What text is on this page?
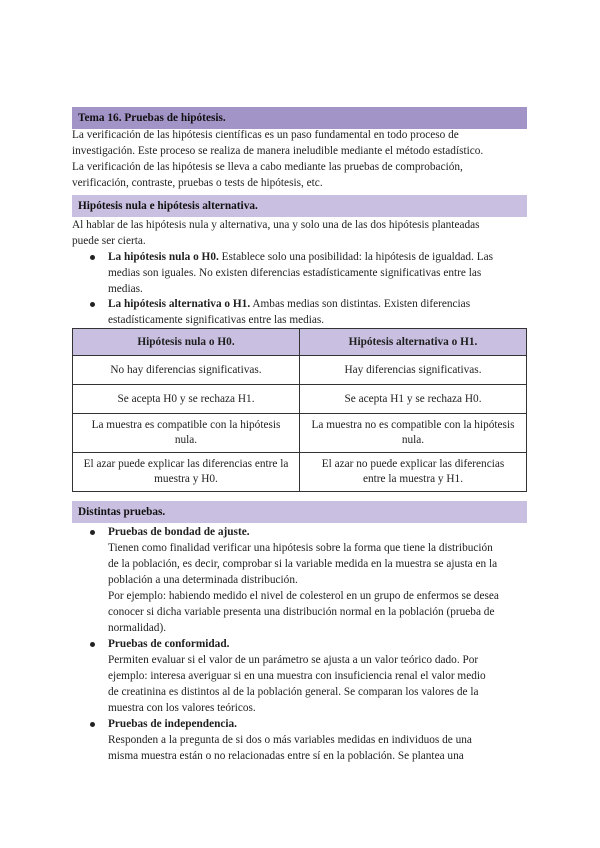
Tema 16. Pruebas de hipótesis.

La verificación de las hipótesis científicas es un paso fundamental en todo proceso de

investigación. Este proceso se realiza de manera ineludible mediante el método estadístico.

La verificación de las hipótesis se lleva a cabo mediante las pruebas de comprobación,

verificación, contraste, pruebas o tests de hipótesis, etc.

Hipótesis nula e hipótesis alternativa.

Al hablar de las hipótesis nula y alternativa, una y solo una de las dos hipótesis planteadas

puede ser cierta.

La hipótesis nula o H0. Establece solo una posibilidad: la hipótesis de igualdad. Las

medias son iguales. No existen diferencias estadísticamente significativas entre las

medias.

La hipótesis alternativa o H1. Ambas medias son distintas. Existen diferencias

estadísticamente significativas entre las medias.

Hipótesis nula o H0.	Hipótesis alternativa o H1.
No hay diferencias significativas.	Hay diferencias significativas.
Se acepta H0 y se rechaza H1.	Se acepta H1 y se rechaza H0.
La muestra es compatible con la hipótesis nula.	La muestra no es compatible con la hipótesis nula.
El azar puede explicar las diferencias entre la muestra y H0.	El azar no puede explicar las diferencias entre la muestra y H1.
Distintas pruebas.

Pruebas de bondad de ajuste.

Tienen como finalidad verificar una hipótesis sobre la forma que tiene la distribución

de la población, es decir, comprobar si la variable medida en la muestra se ajusta en la

población a una determinada distribución.

Por ejemplo: habiendo medido el nivel de colesterol en un grupo de enfermos se desea

conocer si dicha variable presenta una distribución normal en la población (prueba de

normalidad).

Pruebas de conformidad.

Permiten evaluar si el valor de un parámetro se ajusta a un valor teórico dado. Por

ejemplo: interesa averiguar si en una muestra con insuficiencia renal el valor medio

de creatinina es distintos al de la población general. Se comparan los valores de la

muestra con los valores teóricos.

Pruebas de independencia.

Responden a la pregunta de si dos o más variables medidas en individuos de una

misma muestra están o no relacionadas entre sí en la población. Se plantea una
